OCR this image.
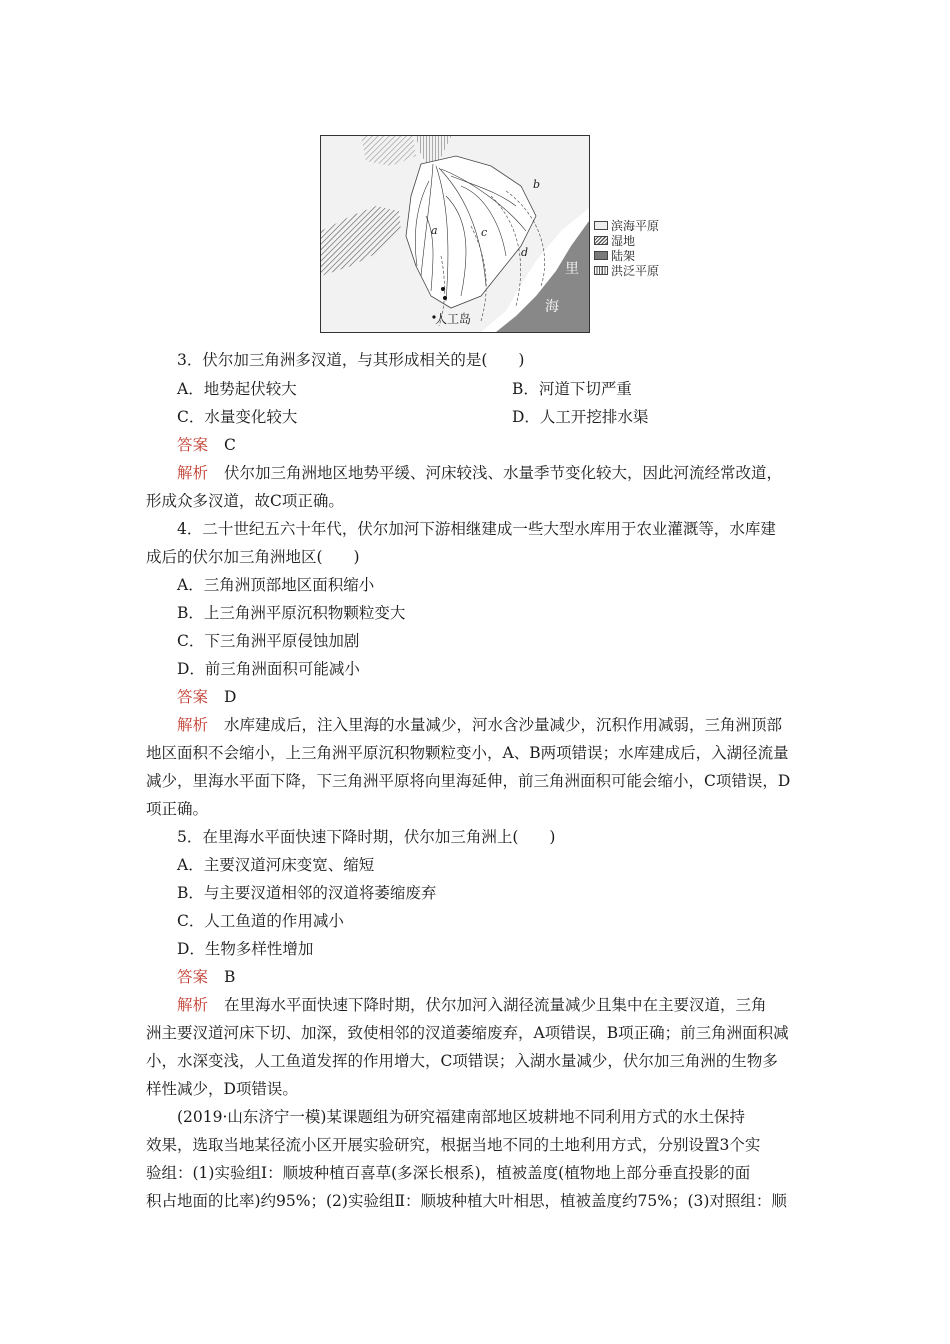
a
b
c
d
里
海
人工岛
滨海平原
湿地
陆架
洪泛平原
3．伏尔加三角洲多汊道，与其形成相关的是(　　)
A．地势起伏较大	B．河道下切严重
C．水量变化较大	D．人工开挖排水渠
答案 C
解析 伏尔加三角洲地区地势平缓、河床较浅、水量季节变化较大，因此河流经常改道，
形成众多汊道，故C项正确。
4．二十世纪五六十年代，伏尔加河下游相继建成一些大型水库用于农业灌溉等，水库建
成后的伏尔加三角洲地区(　　)
A．三角洲顶部地区面积缩小
B．上三角洲平原沉积物颗粒变大
C．下三角洲平原侵蚀加剧
D．前三角洲面积可能减小
答案 D
解析 水库建成后，注入里海的水量减少，河水含沙量减少，沉积作用减弱，三角洲顶部
地区面积不会缩小，上三角洲平原沉积物颗粒变小，A、B两项错误；水库建成后，入湖径流量
减少，里海水平面下降，下三角洲平原将向里海延伸，前三角洲面积可能会缩小，C项错误，D
项正确。
5．在里海水平面快速下降时期，伏尔加三角洲上(　　)
A．主要汊道河床变宽、缩短
B．与主要汊道相邻的汊道将萎缩废弃
C．人工鱼道的作用减小
D．生物多样性增加
答案 B
解析 在里海水平面快速下降时期，伏尔加河入湖径流量减少且集中在主要汊道，三角
洲主要汊道河床下切、加深，致使相邻的汊道萎缩废弃，A项错误，B项正确；前三角洲面积减
小，水深变浅，人工鱼道发挥的作用增大，C项错误；入湖水量减少，伏尔加三角洲的生物多
样性减少，D项错误。
(2019·山东济宁一模)某课题组为研究福建南部地区坡耕地不同利用方式的水土保持
效果，选取当地某径流小区开展实验研究，根据当地不同的土地利用方式，分别设置3个实
验组：(1)实验组Ⅰ：顺坡种植百喜草(多深长根系)，植被盖度(植物地上部分垂直投影的面
积占地面的比率)约95%；(2)实验组Ⅱ：顺坡种植大叶相思，植被盖度约75%；(3)对照组：顺
